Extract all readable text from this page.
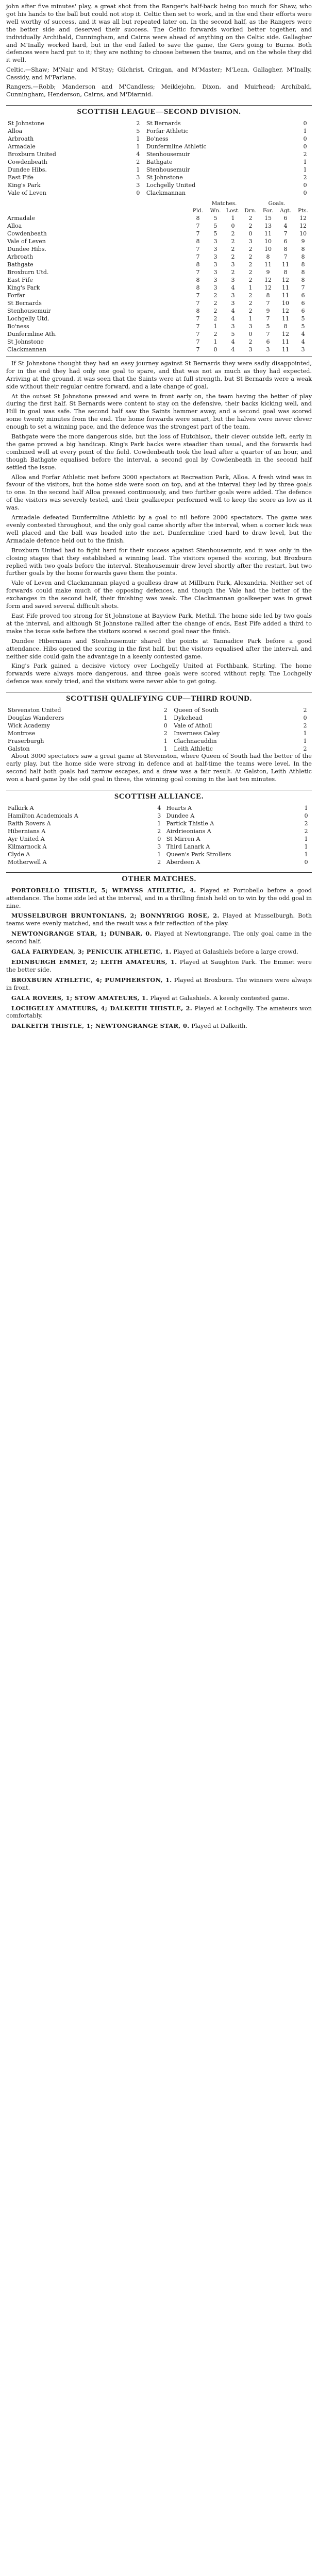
john after five minutes' play, a great shot from the Ranger's half-back being too much for Shaw, who got his hands to the ball but could not stop it. Celtic then set to work, and in the end their efforts were well worthy of success, and it was all but repeated later on. In the second half, as the Rangers were the better side and deserved their success. The Celtic forwards worked better together, and individually Archibald, Cunningham, and Cairns were ahead of anything on the Celtic side. Gallagher and M'Inally worked hard, but in the end failed to save the game, the Gers going to Burns. Both defences were hard put to it; they are nothing to choose between the teams, and on the whole they did it well.

Celtic.—Shaw; M'Nair and M'Stay; Gilchrist, Cringan, and M'Master; M'Lean, Gallagher, M'Inally, Cassidy, and M'Farlane.

Rangers.—Robb; Manderson and M'Candless; Meiklejohn, Dixon, and Muirhead; Archibald, Cunningham, Henderson, Cairns, and M'Diarmid.

SCOTTISH LEAGUE—SECOND DIVISION.
St Johnstone	2	St Bernards	0
Alloa	5	Forfar Athletic	1
Arbroath	1	Bo'ness	0
Armadale	1	Dunfermline Athletic	0
Broxburn United	4	Stenhousemuir	2
Cowdenbeath	2	Bathgate	1
Dundee Hibs.	1	Stenhousemuir	1
East Fife	3	St Johnstone	2
King's Park	3	Lochgelly United	0
Vale of Leven	0	Clackmannan	0
	Matches.				Goals.		
	Pld.	Wn.	Lost.	Drn.	For.	Agt.	Pts.
Armadale	8	5	1	2	15	6	12
Alloa	7	5	0	2	13	4	12
Cowdenbeath	7	5	2	0	11	7	10
Vale of Leven	8	3	2	3	10	6	9
Dundee Hibs.	7	3	2	2	10	8	8
Arbroath	7	3	2	2	8	7	8
Bathgate	8	3	3	2	11	11	8
Broxburn Utd.	7	3	2	2	9	8	8
East Fife	8	3	3	2	12	12	8
King's Park	8	3	4	1	12	11	7
Forfar	7	2	3	2	8	11	6
St Bernards	7	2	3	2	7	10	6
Stenhousemuir	8	2	4	2	9	12	6
Lochgelly Utd.	7	2	4	1	7	11	5
Bo'ness	7	1	3	3	5	8	5
Dunfermline Ath.	7	2	5	0	7	12	4
St Johnstone	7	1	4	2	6	11	4
Clackmannan	7	0	4	3	3	11	3

If St Johnstone thought they had an easy journey against St Bernards they were sadly disappointed, for in the end they had only one goal to spare, and that was not as much as they had expected. Arriving at the ground, it was seen that the Saints were at full strength, but St Bernards were a weak side without their regular centre forward, and a late change of goal.

At the outset St Johnstone pressed and were in front early on, the team having the better of play during the first half. St Bernards were content to stay on the defensive, their backs kicking well, and Hill in goal was safe. The second half saw the Saints hammer away, and a second goal was scored some twenty minutes from the end. The home forwards were smart, but the halves were never clever enough to set a winning pace, and the defence was the strongest part of the team.

Bathgate were the more dangerous side, but the loss of Hutchison, their clever outside left, early in the game proved a big handicap. King's Park backs were steadier than usual, and the forwards had combined well at every point of the field. Cowdenbeath took the lead after a quarter of an hour, and though Bathgate equalised before the interval, a second goal by Cowdenbeath in the second half settled the issue.

Alloa and Forfar Athletic met before 3000 spectators at Recreation Park, Alloa. A fresh wind was in favour of the visitors, but the home side were soon on top, and at the interval they led by three goals to one. In the second half Alloa pressed continuously, and two further goals were added. The defence of the visitors was severely tested, and their goalkeeper performed well to keep the score as low as it was.

Armadale defeated Dunfermline Athletic by a goal to nil before 2000 spectators. The game was evenly contested throughout, and the only goal came shortly after the interval, when a corner kick was well placed and the ball was headed into the net. Dunfermline tried hard to draw level, but the Armadale defence held out to the finish.

Broxburn United had to fight hard for their success against Stenhousemuir, and it was only in the closing stages that they established a winning lead. The visitors opened the scoring, but Broxburn replied with two goals before the interval. Stenhousemuir drew level shortly after the restart, but two further goals by the home forwards gave them the points.

Vale of Leven and Clackmannan played a goalless draw at Millburn Park, Alexandria. Neither set of forwards could make much of the opposing defences, and though the Vale had the better of the exchanges in the second half, their finishing was weak. The Clackmannan goalkeeper was in great form and saved several difficult shots.

East Fife proved too strong for St Johnstone at Bayview Park, Methil. The home side led by two goals at the interval, and although St Johnstone rallied after the change of ends, East Fife added a third to make the issue safe before the visitors scored a second goal near the finish.

Dundee Hibernians and Stenhousemuir shared the points at Tannadice Park before a good attendance. Hibs opened the scoring in the first half, but the visitors equalised after the interval, and neither side could gain the advantage in a keenly contested game.

King's Park gained a decisive victory over Lochgelly United at Forthbank, Stirling. The home forwards were always more dangerous, and three goals were scored without reply. The Lochgelly defence was sorely tried, and the visitors were never able to get going.

SCOTTISH QUALIFYING CUP—THIRD ROUND.
Stevenston United	2	Queen of South	2
Douglas Wanderers	1	Dykehead	0
Wick Academy	0	Vale of Atholl	2
Montrose	2	Inverness Caley	1
Fraserburgh	1	Clachnacuddin	1
Galston	1	Leith Athletic	2

About 3000 spectators saw a great game at Stevenston, where Queen of South had the better of the early play, but the home side were strong in defence and at half-time the teams were level. In the second half both goals had narrow escapes, and a draw was a fair result. At Galston, Leith Athletic won a hard game by the odd goal in three, the winning goal coming in the last ten minutes.

SCOTTISH ALLIANCE.
Falkirk A	4	Hearts A	1
Hamilton Academicals A	3	Dundee A	0
Raith Rovers A	1	Partick Thistle A	2
Hibernians A	2	Airdrieonians A	2
Ayr United A	0	St Mirren A	1
Kilmarnock A	3	Third Lanark A	1
Clyde A	1	Queen's Park Strollers	1
Motherwell A	2	Aberdeen A	0
OTHER MATCHES.

PORTOBELLO THISTLE, 5; WEMYSS ATHLETIC, 4. Played at Portobello before a good attendance. The home side led at the interval, and in a thrilling finish held on to win by the odd goal in nine.

MUSSELBURGH BRUNTONIANS, 2; BONNYRIGG ROSE, 2. Played at Musselburgh. Both teams were evenly matched, and the result was a fair reflection of the play.

NEWTONGRANGE STAR, 1; DUNBAR, 0. Played at Newtongrange. The only goal came in the second half.

GALA FAIRYDEAN, 3; PENICUIK ATHLETIC, 1. Played at Galashiels before a large crowd.

EDINBURGH EMMET, 2; LEITH AMATEURS, 1. Played at Saughton Park. The Emmet were the better side.

BROXBURN ATHLETIC, 4; PUMPHERSTON, 1. Played at Broxburn. The winners were always in front.

GALA ROVERS, 1; STOW AMATEURS, 1. Played at Galashiels. A keenly contested game.

LOCHGELLY AMATEURS, 4; DALKEITH THISTLE, 2. Played at Lochgelly. The amateurs won comfortably.

DALKEITH THISTLE, 1; NEWTONGRANGE STAR, 0. Played at Dalkeith.
